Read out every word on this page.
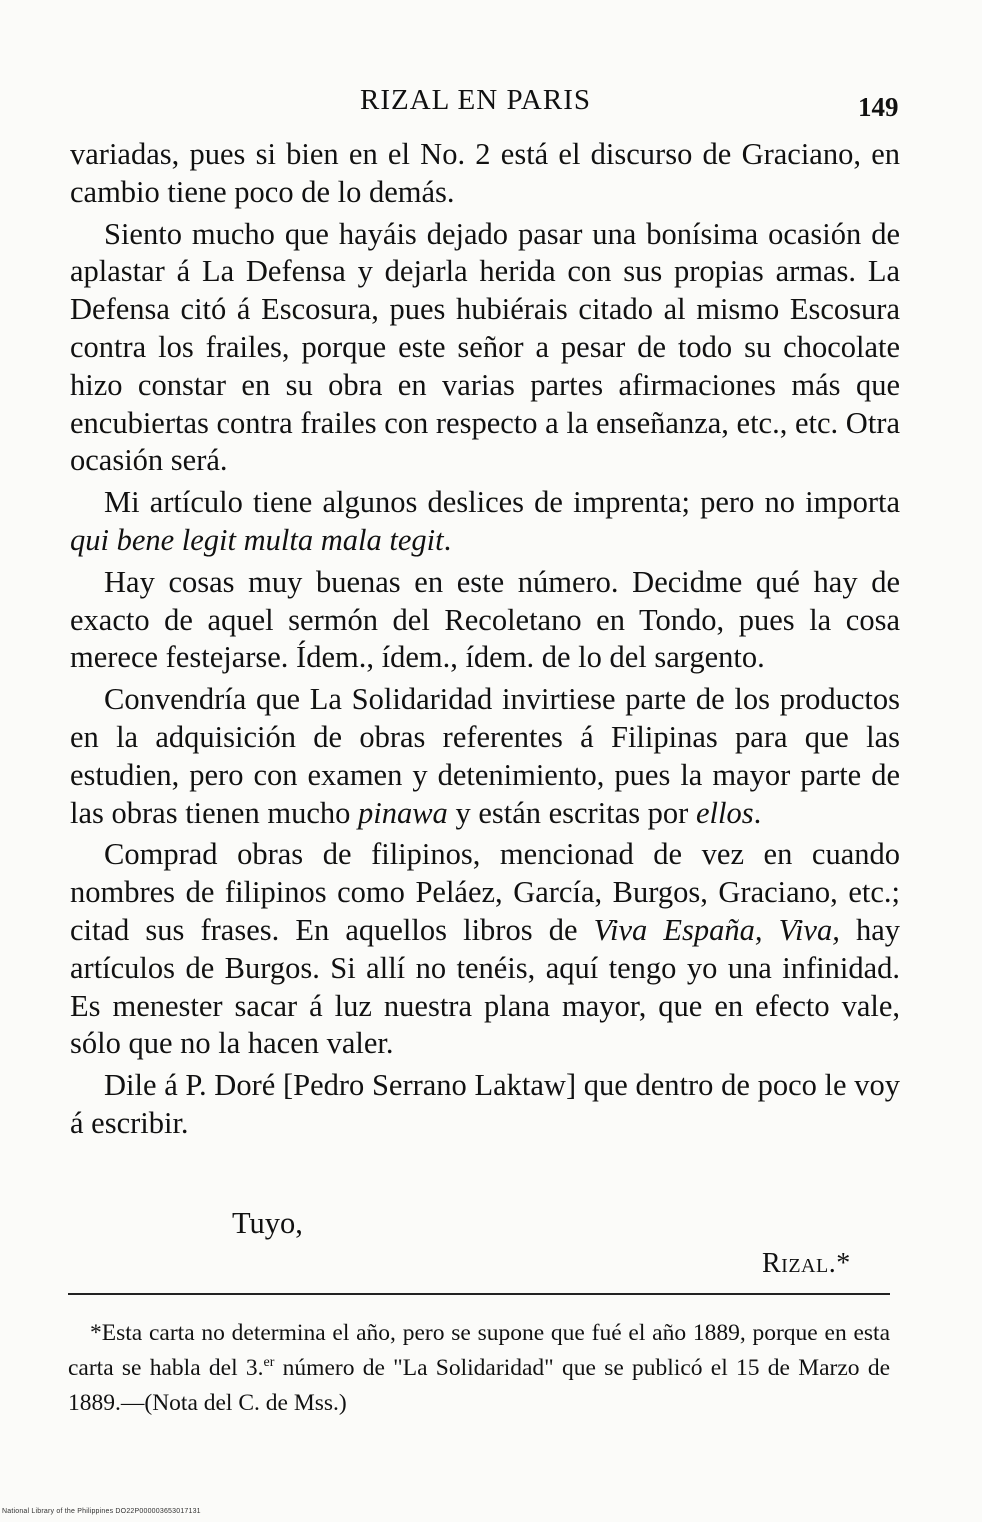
RIZAL EN PARIS	149

variadas, pues si bien en el No. 2 está el discurso de Graciano, en cambio tiene poco de lo demás.

Siento mucho que hayáis dejado pasar una bonísima ocasión de aplastar á La Defensa y dejarla herida con sus propias armas. La Defensa citó á Escosura, pues hubiérais citado al mismo Escosura contra los frailes, porque este señor a pesar de todo su chocolate hizo constar en su obra en varias partes afirmaciones más que encubiertas contra frailes con respecto a la enseñanza, etc., etc. Otra ocasión será.

Mi artículo tiene algunos deslices de imprenta; pero no importa qui bene legit multa mala tegit.

Hay cosas muy buenas en este número. Decidme qué hay de exacto de aquel sermón del Recoletano en Tondo, pues la cosa merece festejarse. Ídem., ídem., ídem. de lo del sargento.

Convendría que La Solidaridad invirtiese parte de los productos en la adquisición de obras referentes á Filipinas para que las estudien, pero con examen y detenimiento, pues la mayor parte de las obras tienen mucho pinawa y están escritas por ellos.

Comprad obras de filipinos, mencionad de vez en cuando nombres de filipinos como Peláez, García, Burgos, Graciano, etc.; citad sus frases. En aquellos libros de Viva España, Viva, hay artículos de Burgos. Si allí no tenéis, aquí tengo yo una infinidad. Es menester sacar á luz nuestra plana mayor, que en efecto vale, sólo que no la hacen valer.

Dile á P. Doré [Pedro Serrano Laktaw] que dentro de poco le voy á escribir.

Tuyo,
Rizal.*

*Esta carta no determina el año, pero se supone que fué el año 1889, porque en esta carta se habla del 3.$^{er}$ número de "La Solidaridad" que se publicó el 15 de Marzo de 1889.—(Nota del C. de Mss.)

National Library of the Philippines DO22P000003653017131
